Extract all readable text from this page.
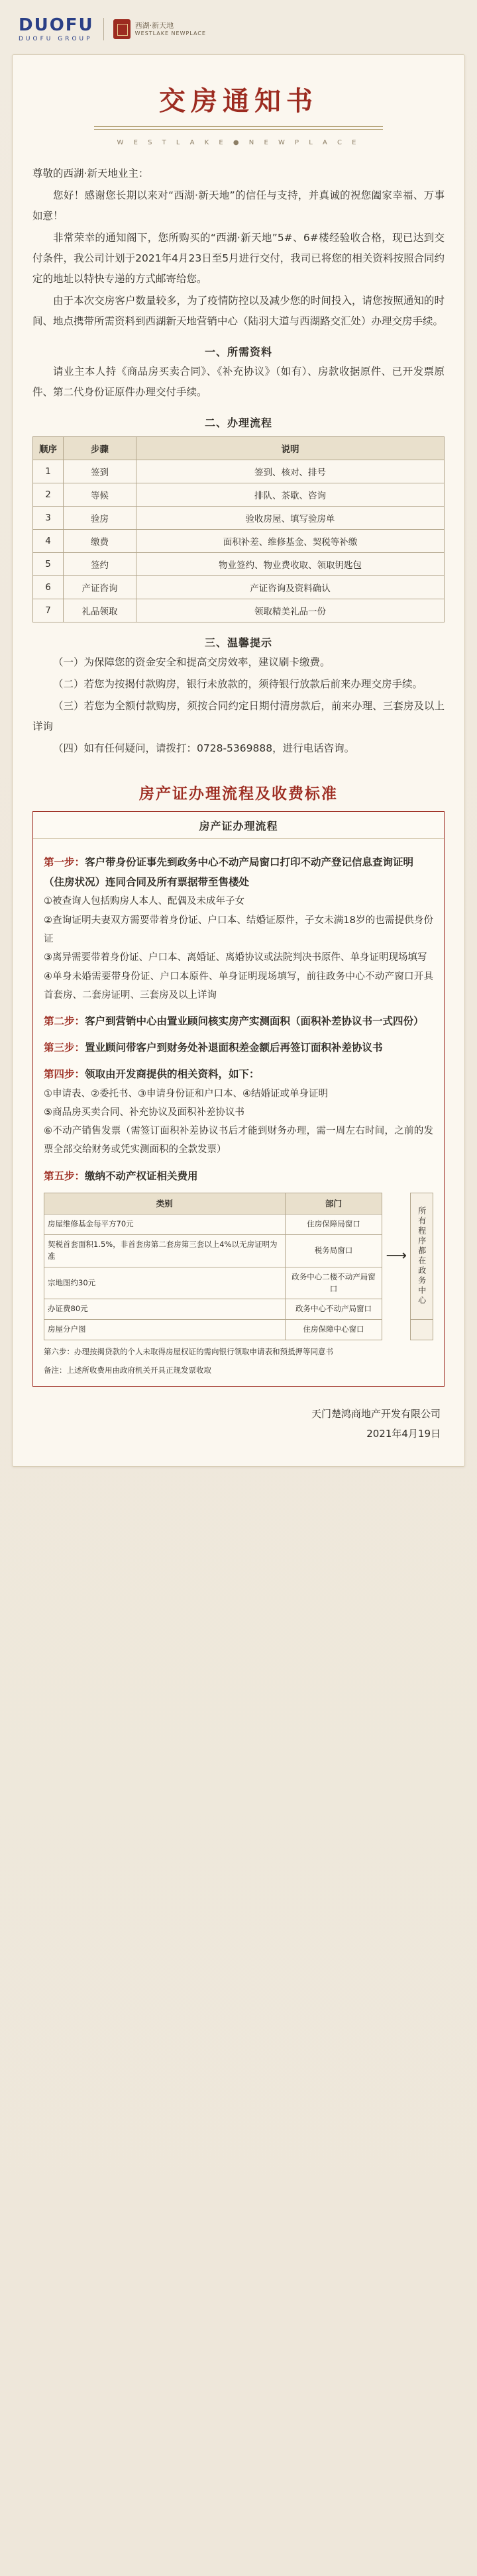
DUOFU
DUOFU GROUP
西湖·新天地
WESTLAKE NEWPLACE
交房通知书
W E S T L A K E ● N E W P L A C E

尊敬的西湖·新天地业主：

您好！感谢您长期以来对“西湖·新天地”的信任与支持，并真诚的祝您阖家幸福、万事如意！

非常荣幸的通知阁下，您所购买的“西湖·新天地”5#、6#楼经验收合格，现已达到交付条件，我公司计划于2021年4月23日至5月进行交付，我司已将您的相关资料按照合同约定的地址以特快专递的方式邮寄给您。

由于本次交房客户数量较多，为了疫情防控以及减少您的时间投入，请您按照通知的时间、地点携带所需资料到西湖新天地营销中心（陆羽大道与西湖路交汇处）办理交房手续。

一、所需资料

请业主本人持《商品房买卖合同》、《补充协议》（如有）、房款收据原件、已开发票原件、第二代身份证原件办理交付手续。

二、办理流程
顺序	步骤	说明
1	签到	签到、核对、排号
2	等候	排队、茶歇、咨询
3	验房	验收房屋、填写验房单
4	缴费	面积补差、维修基金、契税等补缴
5	签约	物业签约、物业费收取、领取钥匙包
6	产证咨询	产证咨询及资料确认
7	礼品领取	领取精美礼品一份
三、温馨提示

（一）为保障您的资金安全和提高交房效率，建议刷卡缴费。

（二）若您为按揭付款购房，银行未放款的，须待银行放款后前来办理交房手续。

（三）若您为全额付款购房，须按合同约定日期付清房款后，前来办理、三套房及以上详询

（四）如有任何疑问，请拨打：0728-5369888，进行电话咨询。

房产证办理流程及收费标准
房产证办理流程
第一步：客户带身份证事先到政务中心不动产局窗口打印不动产登记信息查询证明（住房状况）连同合同及所有票据带至售楼处
①被查询人包括购房人本人、配偶及未成年子女
②查询证明夫妻双方需要带着身份证、户口本、结婚证原件，子女未满18岁的也需提供身份证
③离异需要带着身份证、户口本、离婚证、离婚协议或法院判决书原件、单身证明现场填写
④单身未婚需要带身份证、户口本原件、单身证明现场填写，前往政务中心不动产窗口开具首套房、二套房证明、三套房及以上详询
第二步：客户到营销中心由置业顾问核实房产实测面积（面积补差协议书一式四份）
第三步：置业顾问带客户到财务处补退面积差金额后再签订面积补差协议书
第四步：领取由开发商提供的相关资料，如下：
①申请表、②委托书、③申请身份证和户口本、④结婚证或单身证明
⑤商品房买卖合同、补充协议及面积补差协议书
⑥不动产销售发票（需签订面积补差协议书后才能到财务办理，需一周左右时间，之前的发票全部交给财务或凭实测面积的全款发票）
第五步：缴纳不动产权证相关费用
类别	部门	⟶	所有程序都在政务中心

房屋维修基金每平方70元	住房保障局窗口		
契税首套面积1.5%，非首套房第二套房第三套以上4%以无房证明为准	税务局窗口		
宗地图约30元	政务中心二楼不动产局窗口		
办证费80元	政务中心不动产局窗口		
房屋分户图	住房保障中心窗口		
第六步：办理按揭贷款的个人未取得房屋权证的需向银行领取申请表和预抵押等同意书
备注：上述所收费用由政府机关开具正规发票收取
天门楚鸿商地产开发有限公司
2021年4月19日
